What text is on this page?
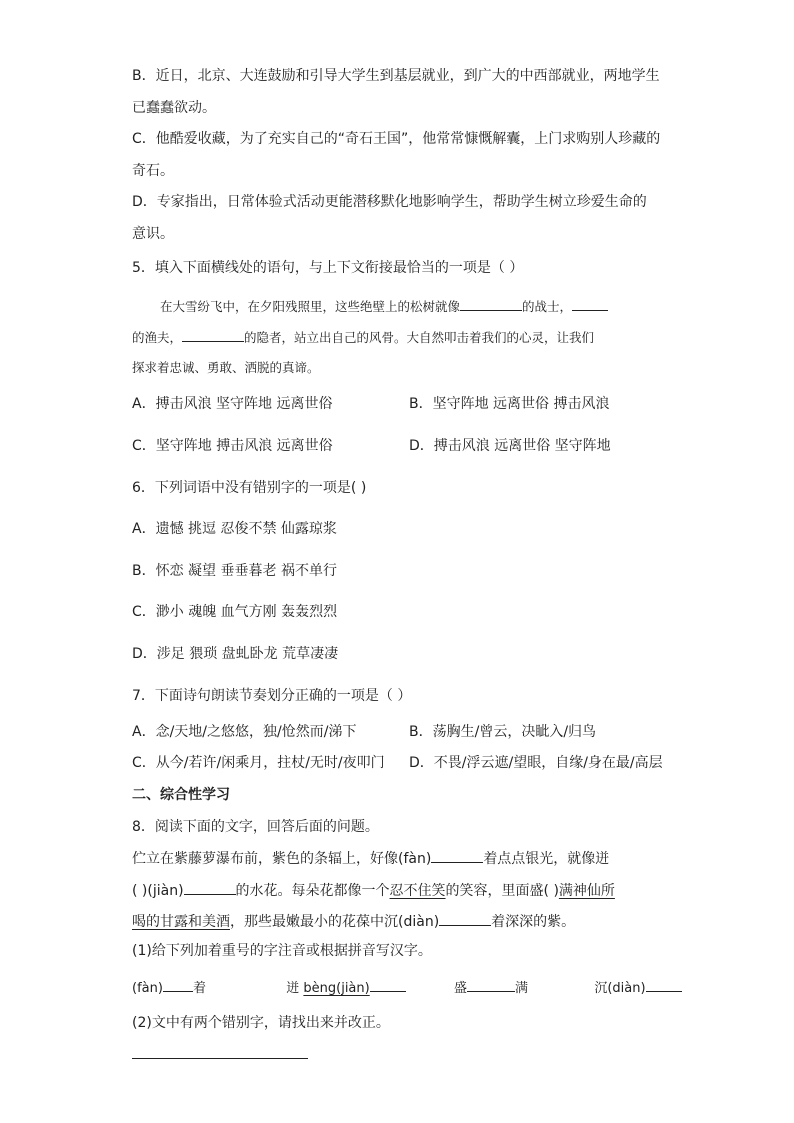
B．近日，北京、大连鼓励和引导大学生到基层就业，到广大的中西部就业，两地学生
已蠢蠢欲动。
C．他酷爱收藏，为了充实自己的“奇石王国”，他常常慷慨解囊，上门求购别人珍藏的
奇石。
D．专家指出，日常体验式活动更能潜移默化地影响学生，帮助学生树立珍爱生命的
意识。
5．填入下面横线处的语句，与上下文衔接最恰当的一项是（ ）
在大雪纷飞中，在夕阳残照里，这些绝壁上的松树就像	的战士，
的渔夫，	的隐者，站立出自己的风骨。大自然叩击着我们的心灵，让我们
探求着忠诚、勇敢、洒脱的真谛。
A．搏击风浪 坚守阵地 远离世俗	B．坚守阵地 远离世俗 搏击风浪
C．坚守阵地 搏击风浪 远离世俗	D．搏击风浪 远离世俗 坚守阵地
6．下列词语中没有错别字的一项是( )
A．遗憾 挑逗 忍俊不禁 仙露琼浆
B．怀恋 凝望 垂垂暮老 祸不单行
C．渺小 魂魄 血气方刚 轰轰烈烈
D．涉足 猥琐 盘虬卧龙 荒草凄凄
7．下面诗句朗读节奏划分正确的一项是（ ）
A．念/天地/之悠悠，独/怆然而/涕下	B．荡胸生/曾云，决眦入/归鸟
C．从今/若许/闲乘月，拄杖/无时/夜叩门 D．不畏/浮云遮/望眼，自缘/身在最/高层
二、综合性学习
8．阅读下面的文字，回答后面的问题。
伫立在紫藤萝瀑布前，紫色的条辐上，好像(fàn)	着点点银光，就像迸
( )(jiàn)	的水花。每朵花都像一个忍不住笑的笑容，里面盛( )满神仙所
喝的甘露和美酒，那些最嫩最小的花葆中沉(diàn)	着深深的紫。
(1)给下列加着重号的字注音或根据拼音写汉字。
(fàn) 着	迸 bèng(jiàn)	盛	满	沉(diàn)
(2)文中有两个错别字，请找出来并改正。
